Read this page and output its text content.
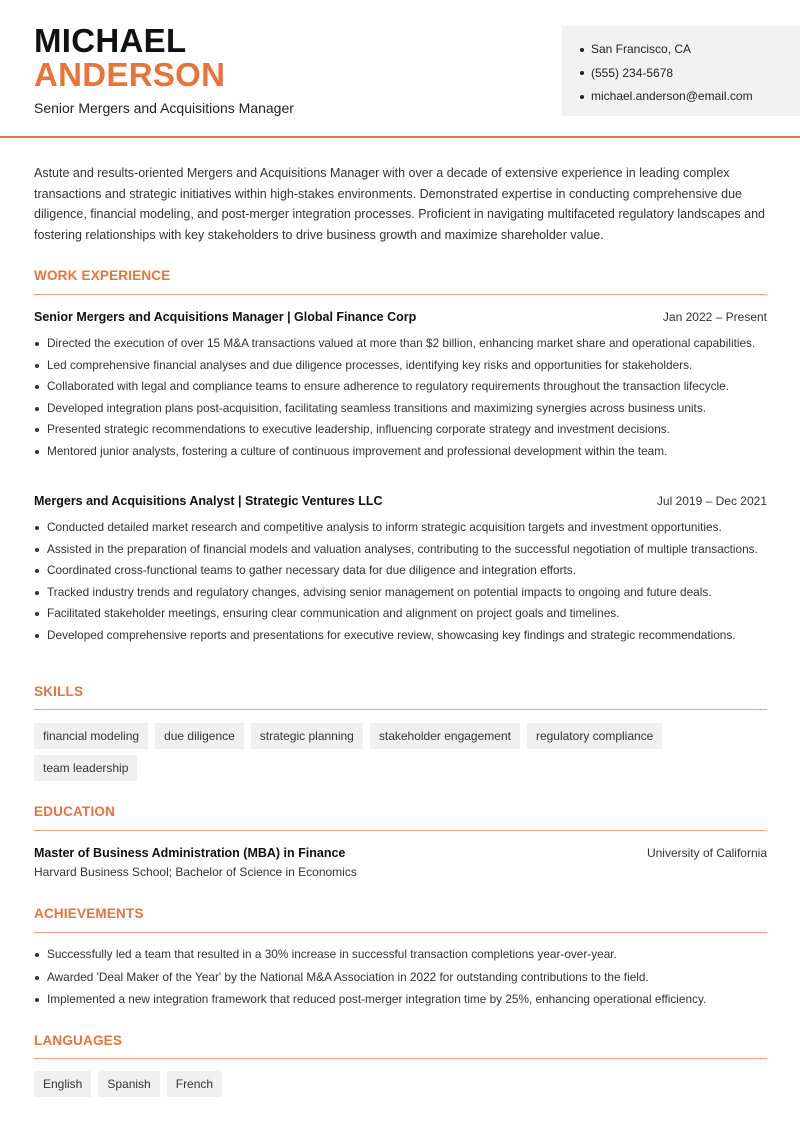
MICHAEL
ANDERSON
Senior Mergers and Acquisitions Manager
San Francisco, CA
(555) 234-5678
michael.anderson@email.com

Astute and results-oriented Mergers and Acquisitions Manager with over a decade of extensive experience in leading complex transactions and strategic initiatives within high-stakes environments. Demonstrated expertise in conducting comprehensive due diligence, financial modeling, and post-merger integration processes. Proficient in navigating multifaceted regulatory landscapes and fostering relationships with key stakeholders to drive business growth and maximize shareholder value.

WORK EXPERIENCE
Senior Mergers and Acquisitions Manager | Global Finance Corp	Jan 2022 – Present
Directed the execution of over 15 M&A transactions valued at more than $2 billion, enhancing market share and operational capabilities.
Led comprehensive financial analyses and due diligence processes, identifying key risks and opportunities for stakeholders.
Collaborated with legal and compliance teams to ensure adherence to regulatory requirements throughout the transaction lifecycle.
Developed integration plans post-acquisition, facilitating seamless transitions and maximizing synergies across business units.
Presented strategic recommendations to executive leadership, influencing corporate strategy and investment decisions.
Mentored junior analysts, fostering a culture of continuous improvement and professional development within the team.
Mergers and Acquisitions Analyst | Strategic Ventures LLC	Jul 2019 – Dec 2021
Conducted detailed market research and competitive analysis to inform strategic acquisition targets and investment opportunities.
Assisted in the preparation of financial models and valuation analyses, contributing to the successful negotiation of multiple transactions.
Coordinated cross-functional teams to gather necessary data for due diligence and integration efforts.
Tracked industry trends and regulatory changes, advising senior management on potential impacts to ongoing and future deals.
Facilitated stakeholder meetings, ensuring clear communication and alignment on project goals and timelines.
Developed comprehensive reports and presentations for executive review, showcasing key findings and strategic recommendations.
SKILLS
financial modeling	due diligence	strategic planning	stakeholder engagement	regulatory compliance
team leadership
EDUCATION
Master of Business Administration (MBA) in Finance	University of California
Harvard Business School; Bachelor of Science in Economics
ACHIEVEMENTS
Successfully led a team that resulted in a 30% increase in successful transaction completions year-over-year.
Awarded 'Deal Maker of the Year' by the National M&A Association in 2022 for outstanding contributions to the field.
Implemented a new integration framework that reduced post-merger integration time by 25%, enhancing operational efficiency.
LANGUAGES
English	Spanish	French
